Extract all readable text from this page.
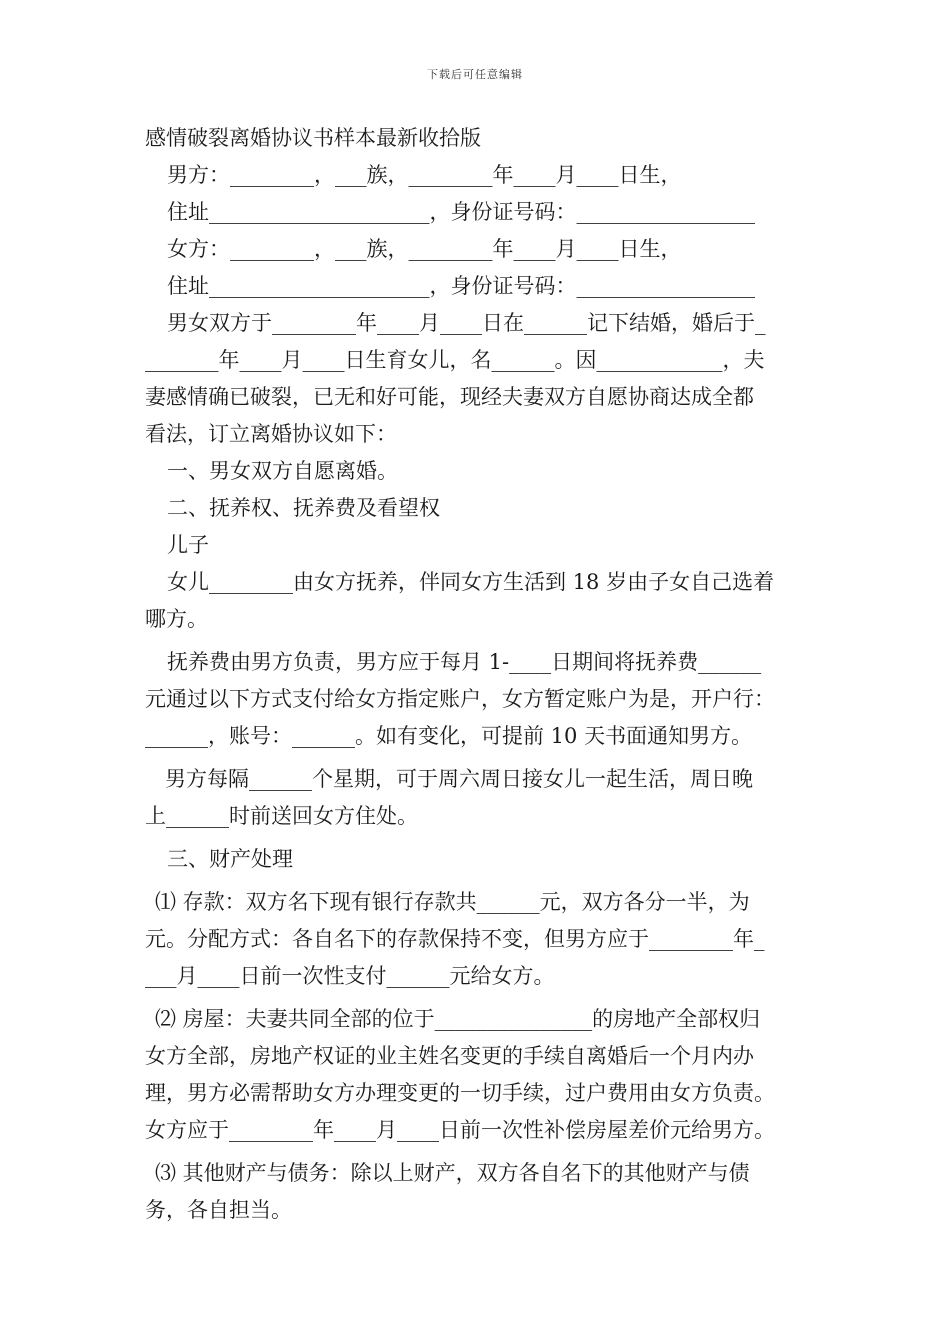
下载后可任意编辑
感情破裂离婚协议书样本最新收拾版
男方：________，___族，________年____月____日生，
住址_____________________，身份证号码：_________________
女方：________，___族，________年____月____日生，
住址_____________________，身份证号码：_________________
男女双方于________年____月____日在______记下结婚，婚后于_
_______年____月____日生育女儿，名______。因____________，夫
妻感情确已破裂，已无和好可能，现经夫妻双方自愿协商达成全都
看法，订立离婚协议如下：
一、男女双方自愿离婚。
二、抚养权、抚养费及看望权
儿子
女儿________由女方抚养，伴同女方生活到 18 岁由子女自己选着
哪方。
抚养费由男方负责，男方应于每月 1-____日期间将抚养费______
元通过以下方式支付给女方指定账户，女方暂定账户为是，开户行：
______，账号：______。如有变化，可提前 10 天书面通知男方。
男方每隔______个星期，可于周六周日接女儿一起生活，周日晚
上______时前送回女方住处。
三、财产处理
⑴ 存款：双方名下现有银行存款共______元，双方各分一半，为
元。分配方式：各自名下的存款保持不变，但男方应于________年_
___月____日前一次性支付______元给女方。
⑵ 房屋：夫妻共同全部的位于_______________的房地产全部权归
女方全部，房地产权证的业主姓名变更的手续自离婚后一个月内办
理，男方必需帮助女方办理变更的一切手续，过户费用由女方负责。
女方应于________年____月____日前一次性补偿房屋差价元给男方。
⑶ 其他财产与债务：除以上财产，双方各自名下的其他财产与债
务，各自担当。
